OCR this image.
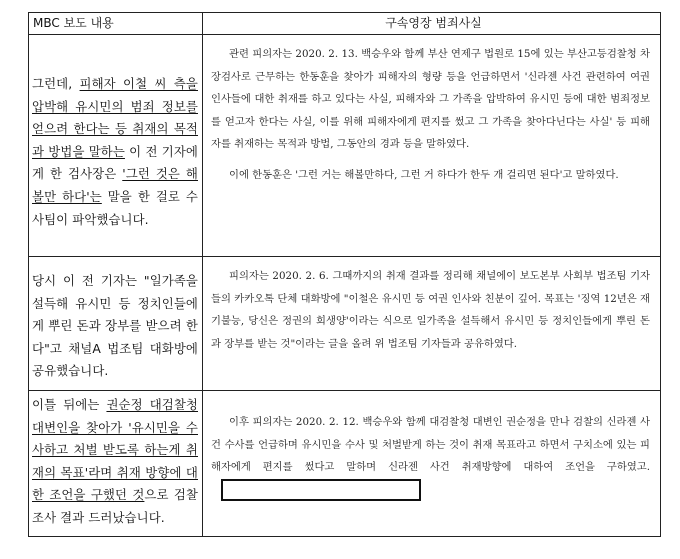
MBC 보도 내용	구속영장 범죄사실

그런데, 피해자 이철 씨 측을 압박해 유시민의 범죄 정보를 얻으려 한다는 등 취재의 목적과 방법을 말하는 이 전 기자에게 한 검사장은 '그런 것은 해 볼만 하다'는 말을 한 걸로 수사팀이 파악했습니다.	관련 피의자는 2020. 2. 13. 백승우와 함께 부산 연제구 법원로 15에 있는 부산고등검찰청 차장검사로 근무하는 한동훈을 찾아가 피해자의 형량 등을 언급하면서 '신라젠 사건 관련하여 여권 인사들에 대한 취재를 하고 있다는 사실, 피해자와 그 가족을 압박하여 유시민 등에 대한 범죄정보를 얻고자 한다는 사실, 이를 위해 피해자에게 편지를 썼고 그 가족을 찾아다닌다는 사실' 등 피해자를 취재하는 목적과 방법, 그동안의 경과 등을 말하였다.

이에 한동훈은 '그런 거는 해볼만하다, 그런 거 하다가 한두 개 걸리면 된다'고 말하였다.

당시 이 전 기자는 "일가족을 설득해 유시민 등 정치인들에게 뿌린 돈과 장부를 받으려 한다"고 채널A 법조팀 대화방에 공유했습니다.	피의자는 2020. 2. 6. 그때까지의 취재 결과를 정리해 채널에이 보도본부 사회부 법조팀 기자들의 카카오톡 단체 대화방에 "이철은 유시민 등 여권 인사와 친분이 깊어. 목표는 '징역 12년은 재기불능, 당신은 정권의 희생양'이라는 식으로 일가족을 설득해서 유시민 등 정치인들에게 뿌린 돈과 장부를 받는 것"이라는 글을 올려 위 법조팀 기자들과 공유하였다.

이틀 뒤에는 권순정 대검찰청 대변인을 찾아가 '유시민을 수사하고 처벌 받도록 하는게 취재의 목표'라며 취재 방향에 대한 조언을 구했던 것으로 검찰 조사 결과 드러났습니다.	이후 피의자는 2020. 2. 12. 백승우와 함께 대검찰청 대변인 권순정을 만나 검찰의 신라젠 사건 수사를 언급하며 유시민을 수사 및 처벌받게 하는 것이 취재 목표라고 하면서 구치소에 있는 피해자에게 편지를 썼다고 말하며 신라젠 사건 취재방향에 대하여 조언을 구하였고.
